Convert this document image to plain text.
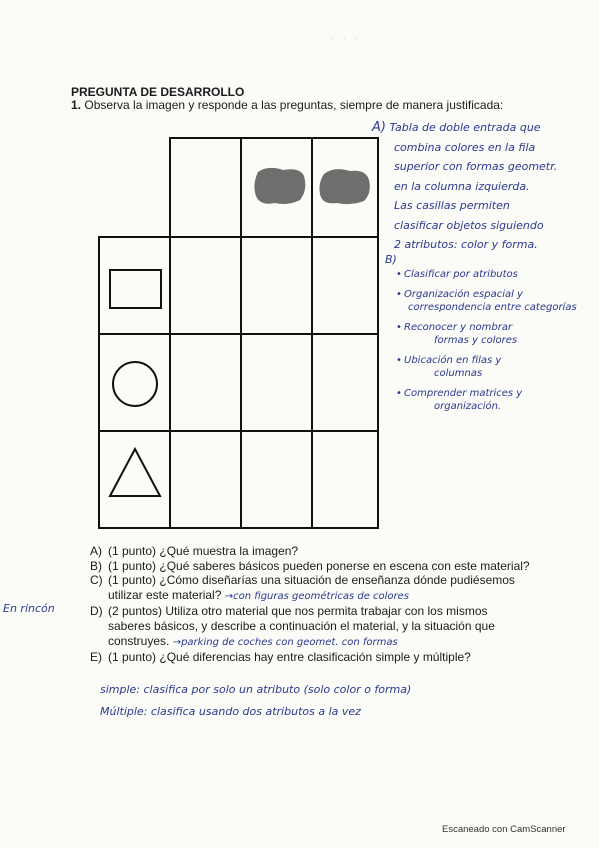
· · ·
PREGUNTA DE DESARROLLO
1. Observa la imagen y responde a las preguntas, siempre de manera justificada:
A) Tabla de doble entrada que
combina colores en la fila
superior con formas geometr.
en la columna izquierda.
Las casillas permiten
clasificar objetos siguiendo
2 atributos: color y forma.
B)
• Clasificar por atributos
• Organización espacial y
correspondencia entre categorías
• Reconocer y nombrar
formas y colores
• Ubicación en filas y
columnas
• Comprender matrices y
organización.
A) (1 punto) ¿Qué muestra la imagen?
B) (1 punto) ¿Qué saberes básicos pueden ponerse en escena con este material?
C) (1 punto) ¿Cómo diseñarías una situación de enseñanza dónde pudiésemos utilizar este material? →con figuras geométricas de colores
D) (2 puntos) Utiliza otro material que nos permita trabajar con los mismos saberes básicos, y describe a continuación el material, y la situación que construyes. →parking de coches con geomet. con formas
E) (1 punto) ¿Qué diferencias hay entre clasificación simple y múltiple?
En rincón
simple: clasifica por solo un atributo (solo color o forma)
Múltiple: clasifica usando dos atributos a la vez
Escaneado con CamScanner
